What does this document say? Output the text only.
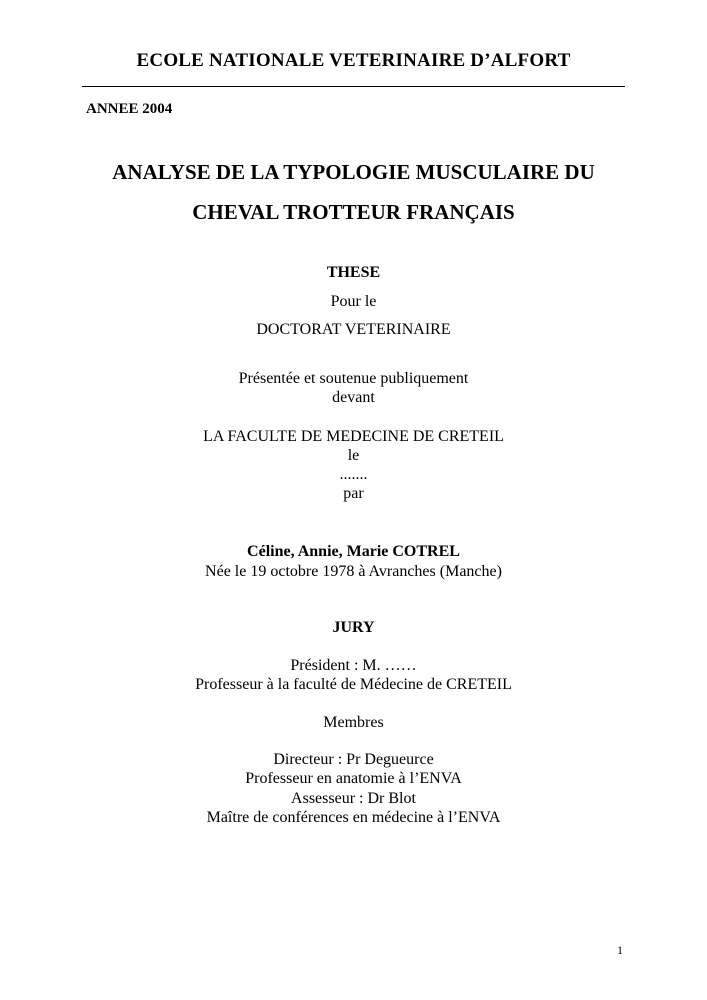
ECOLE NATIONALE VETERINAIRE D’ALFORT
ANNEE 2004
ANALYSE DE LA TYPOLOGIE MUSCULAIRE DU
CHEVAL TROTTEUR FRANÇAIS
THESE
Pour le
DOCTORAT VETERINAIRE
Présentée et soutenue publiquement
devant
LA FACULTE DE MEDECINE DE CRETEIL
le
.......
par
Céline, Annie, Marie COTREL
Née le 19 octobre 1978 à Avranches (Manche)
JURY
Président : M. ……
Professeur à la faculté de Médecine de CRETEIL
Membres
Directeur : Pr Degueurce
Professeur en anatomie à l’ENVA
Assesseur : Dr Blot
Maître de conférences en médecine à l’ENVA
1
